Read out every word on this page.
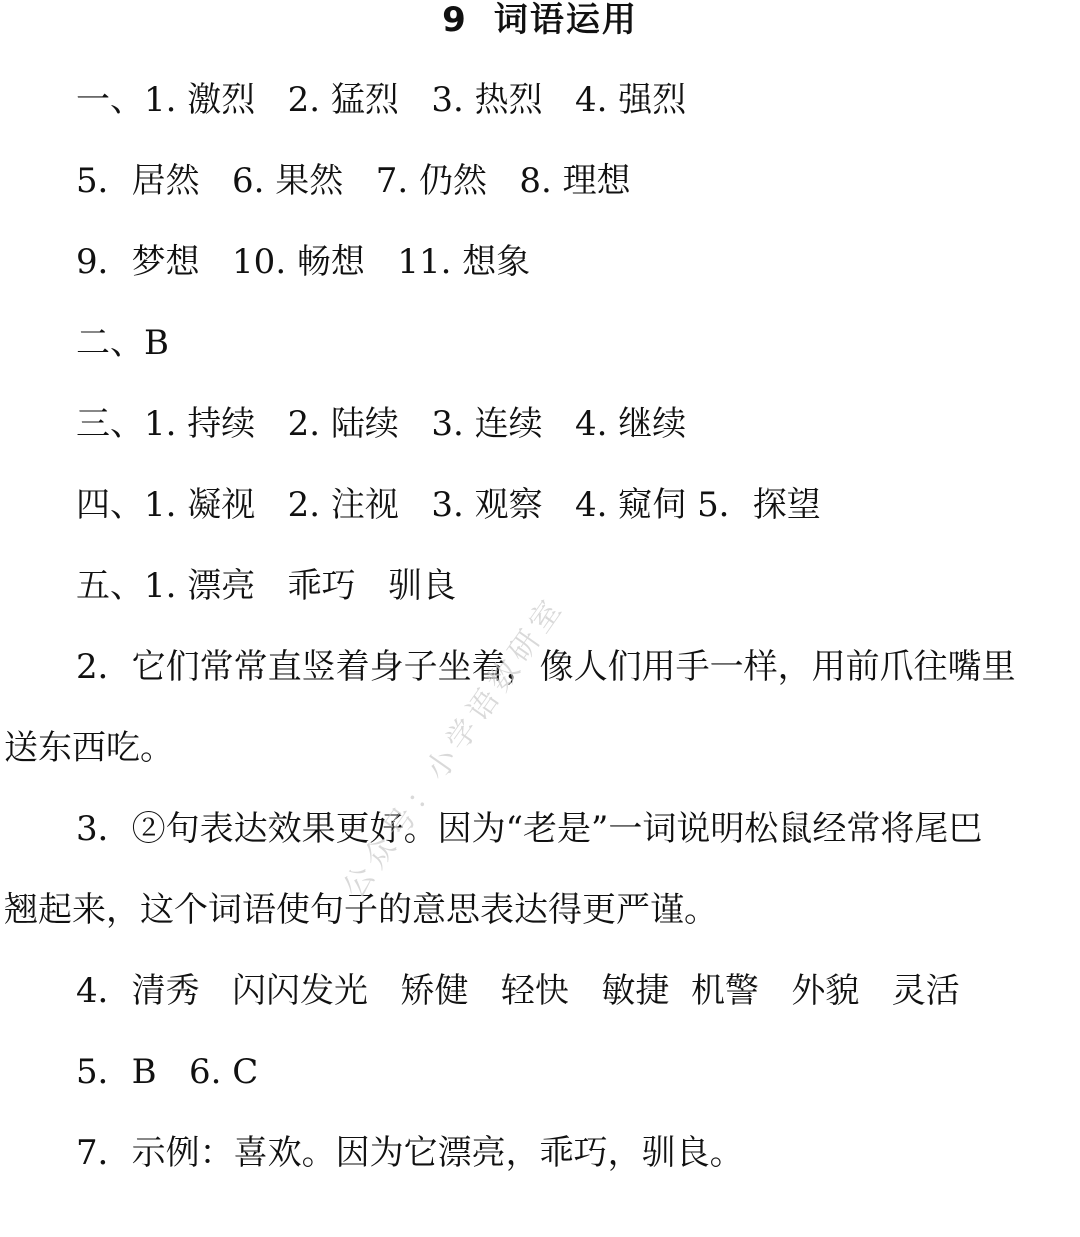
9 词语运用
一、1. 激烈   2. 猛烈   3. 热烈   4. 强烈
5．居然   6. 果然   7. 仍然   8. 理想
9．梦想   10. 畅想   11. 想象
二、B
三、1. 持续   2. 陆续   3. 连续   4. 继续
四、1. 凝视   2. 注视   3. 观察   4. 窥伺 5．探望
五、1. 漂亮   乖巧   驯良
2．它们常常直竖着身子坐着，像人们用手一样，用前爪往嘴里
送东西吃。
3．②句表达效果更好。因为“老是”一词说明松鼠经常将尾巴
翘起来，这个词语使句子的意思表达得更严谨。
4．清秀   闪闪发光   矫健   轻快   敏捷  机警   外貌   灵活
5．B   6. C
7．示例：喜欢。因为它漂亮，乖巧，驯良。
公众号：小学语数研室
